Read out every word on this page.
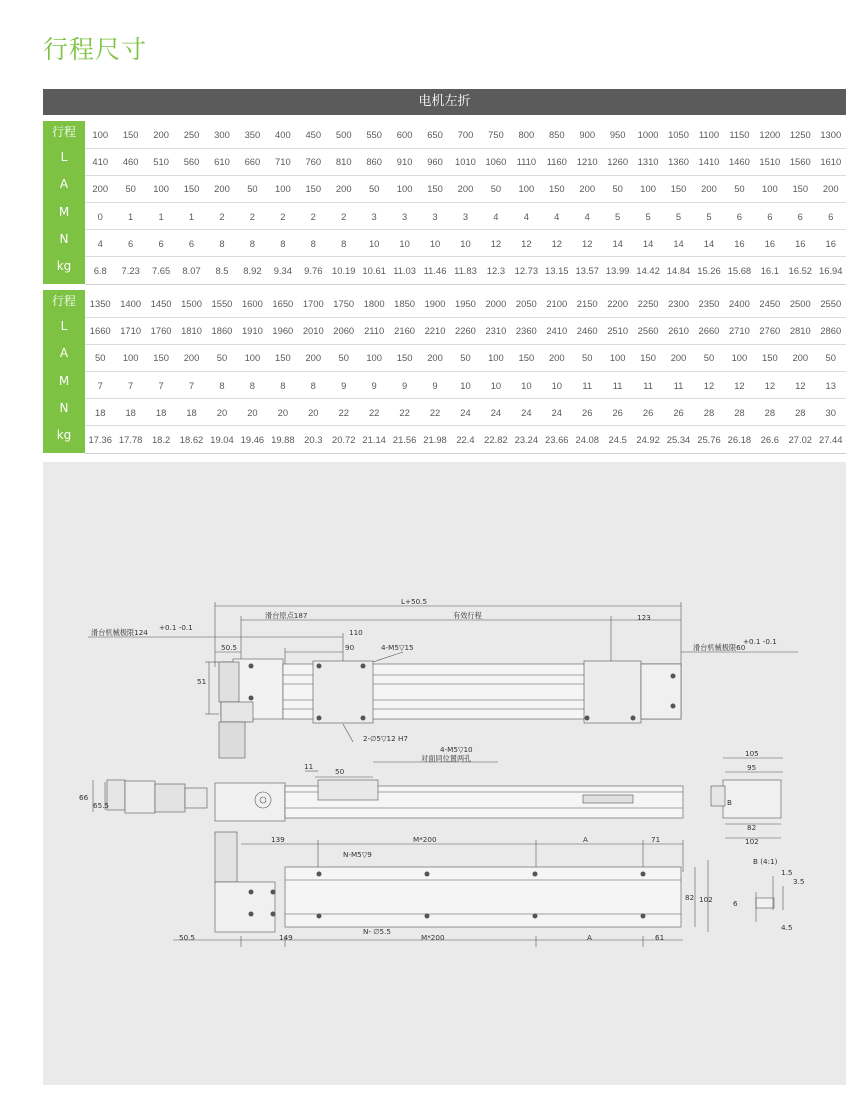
行程尺寸
电机左折
行程	100	150	200	250	300	350	400	450	500	550	600	650	700	750	800	850	900	950	1000	1050	1100	1150	1200	1250	1300
L	410	460	510	560	610	660	710	760	810	860	910	960	1010	1060	1110	1160	1210	1260	1310	1360	1410	1460	1510	1560	1610
A	200	50	100	150	200	50	100	150	200	50	100	150	200	50	100	150	200	50	100	150	200	50	100	150	200
M	0	1	1	1	2	2	2	2	2	3	3	3	3	4	4	4	4	5	5	5	5	6	6	6	6
N	4	6	6	6	8	8	8	8	8	10	10	10	10	12	12	12	12	14	14	14	14	16	16	16	16
kg	6.8	7.23	7.65	8.07	8.5	8.92	9.34	9.76	10.19	10.61	11.03	11.46	11.83	12.3	12.73	13.15	13.57	13.99	14.42	14.84	15.26	15.68	16.1	16.52	16.94
行程	1350	1400	1450	1500	1550	1600	1650	1700	1750	1800	1850	1900	1950	2000	2050	2100	2150	2200	2250	2300	2350	2400	2450	2500	2550
L	1660	1710	1760	1810	1860	1910	1960	2010	2060	2110	2160	2210	2260	2310	2360	2410	2460	2510	2560	2610	2660	2710	2760	2810	2860
A	50	100	150	200	50	100	150	200	50	100	150	200	50	100	150	200	50	100	150	200	50	100	150	200	50
M	7	7	7	7	8	8	8	8	9	9	9	9	10	10	10	10	11	11	11	11	12	12	12	12	13
N	18	18	18	18	20	20	20	20	22	22	22	22	24	24	24	24	26	26	26	26	28	28	28	28	30
kg	17.36	17.78	18.2	18.62	19.04	19.46	19.88	20.3	20.72	21.14	21.56	21.98	22.4	22.82	23.24	23.66	24.08	24.5	24.92	25.34	25.76	26.18	26.6	27.02	27.44
L+50.5
滑台原点187	有效行程	123
滑台机械极限124
+0.1 -0.1
110
90
50.5	4-M5▽15	滑台机械极限60
+0.1 -0.1
51
2-∅5▽12 H7
11
50
4-M5▽10
对面同位置两孔
66
65.5
105
95
82
102
B
139	M*200	A	71
N-M5▽9
N- ∅5.5
50.5	149	M*200	A	61
82 102
B (4:1)
1.5
3.5
6
4.5
